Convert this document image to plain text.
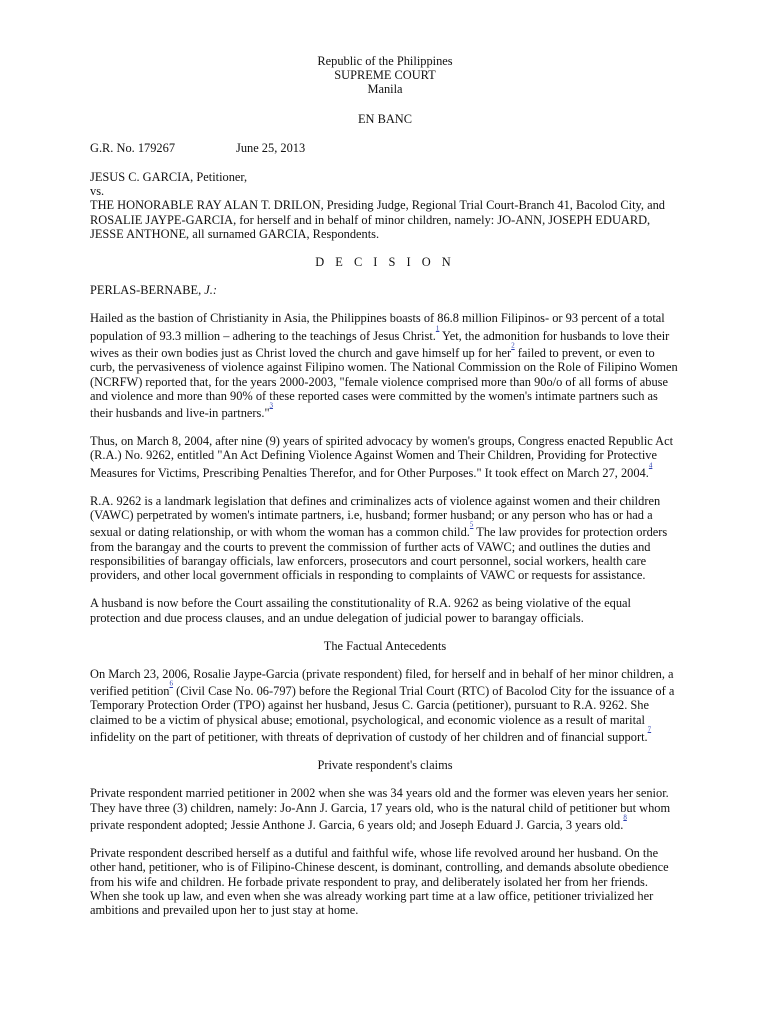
Republic of the Philippines

SUPREME COURT

Manila

EN BANC

G.R. No. 179267	June 25, 2013

JESUS C. GARCIA, Petitioner,

vs.

THE HONORABLE RAY ALAN T. DRILON, Presiding Judge, Regional Trial Court-Branch 41, Bacolod City, and ROSALIE JAYPE-GARCIA, for herself and in behalf of minor children, namely: JO-ANN, JOSEPH EDUARD, JESSE ANTHONE, all surnamed GARCIA, Respondents.

D E C I S I O N

PERLAS-BERNABE, J.:

Hailed as the bastion of Christianity in Asia, the Philippines boasts of 86.8 million Filipinos- or 93 percent of a total population of 93.3 million – adhering to the teachings of Jesus Christ.$^{^1}$ Yet, the admonition for husbands to love their wives as their own bodies just as Christ loved the church and gave himself up for her$^{^2}$ failed to prevent, or even to curb, the pervasiveness of violence against Filipino women. The National Commission on the Role of Filipino Women (NCRFW) reported that, for the years 2000-2003, "female violence comprised more than 90o/o of all forms of abuse and violence and more than 90% of these reported cases were committed by the women's intimate partners such as their husbands and live-in partners."$^{^3}$

Thus, on March 8, 2004, after nine (9) years of spirited advocacy by women's groups, Congress enacted Republic Act (R.A.) No. 9262, entitled "An Act Defining Violence Against Women and Their Children, Providing for Protective Measures for Victims, Prescribing Penalties Therefor, and for Other Purposes." It took effect on March 27, 2004.$^{^4}$

R.A. 9262 is a landmark legislation that defines and criminalizes acts of violence against women and their children (VAWC) perpetrated by women's intimate partners, i.e, husband; former husband; or any person who has or had a sexual or dating relationship, or with whom the woman has a common child.$^{^5}$ The law provides for protection orders from the barangay and the courts to prevent the commission of further acts of VAWC; and outlines the duties and responsibilities of barangay officials, law enforcers, prosecutors and court personnel, social workers, health care providers, and other local government officials in responding to complaints of VAWC or requests for assistance.

A husband is now before the Court assailing the constitutionality of R.A. 9262 as being violative of the equal protection and due process clauses, and an undue delegation of judicial power to barangay officials.

The Factual Antecedents

On March 23, 2006, Rosalie Jaype-Garcia (private respondent) filed, for herself and in behalf of her minor children, a verified petition$^{^6}$ (Civil Case No. 06-797) before the Regional Trial Court (RTC) of Bacolod City for the issuance of a Temporary Protection Order (TPO) against her husband, Jesus C. Garcia (petitioner), pursuant to R.A. 9262. She claimed to be a victim of physical abuse; emotional, psychological, and economic violence as a result of marital infidelity on the part of petitioner, with threats of deprivation of custody of her children and of financial support.$^{^7}$

Private respondent's claims

Private respondent married petitioner in 2002 when she was 34 years old and the former was eleven years her senior. They have three (3) children, namely: Jo-Ann J. Garcia, 17 years old, who is the natural child of petitioner but whom private respondent adopted; Jessie Anthone J. Garcia, 6 years old; and Joseph Eduard J. Garcia, 3 years old.$^{^8}$

Private respondent described herself as a dutiful and faithful wife, whose life revolved around her husband. On the other hand, petitioner, who is of Filipino-Chinese descent, is dominant, controlling, and demands absolute obedience from his wife and children. He forbade private respondent to pray, and deliberately isolated her from her friends. When she took up law, and even when she was already working part time at a law office, petitioner trivialized her ambitions and prevailed upon her to just stay at home.
